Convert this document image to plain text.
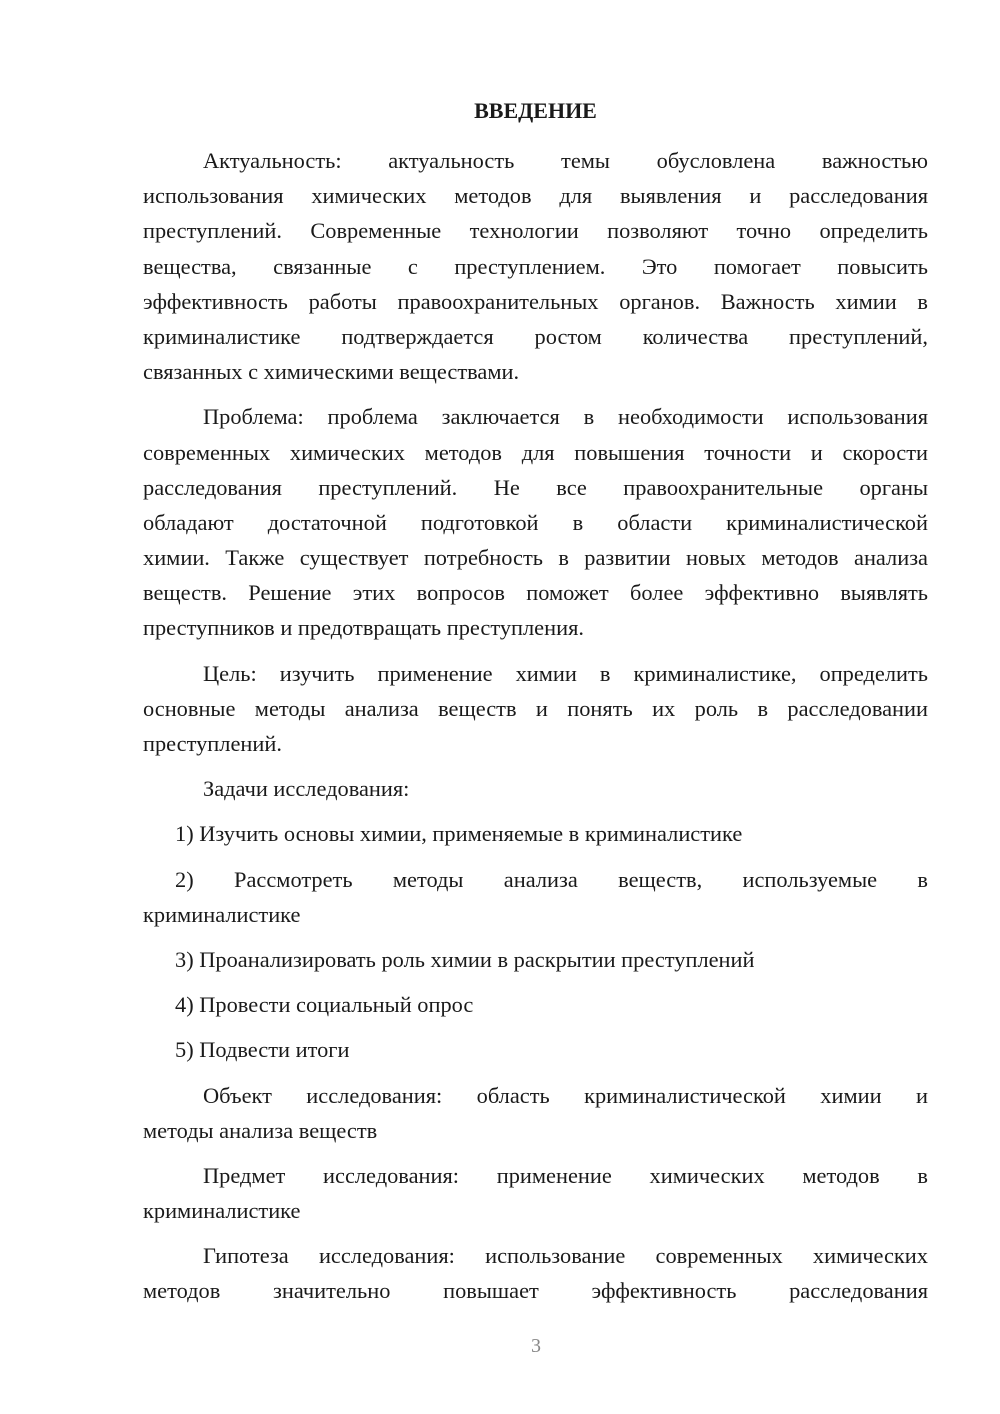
ВВЕДЕНИЕ
Актуальность: актуальность темы обусловлена важностью
использования химических методов для выявления и расследования
преступлений. Современные технологии позволяют точно определить
вещества, связанные с преступлением. Это помогает повысить
эффективность работы правоохранительных органов. Важность химии в
криминалистике подтверждается ростом количества преступлений,
связанных с химическими веществами.
Проблема: проблема заключается в необходимости использования
современных химических методов для повышения точности и скорости
расследования преступлений. Не все правоохранительные органы
обладают достаточной подготовкой в области криминалистической
химии. Также существует потребность в развитии новых методов анализа
веществ. Решение этих вопросов поможет более эффективно выявлять
преступников и предотвращать преступления.
Цель: изучить применение химии в криминалистике, определить
основные методы анализа веществ и понять их роль в расследовании
преступлений.
Задачи исследования:
1) Изучить основы химии, применяемые в криминалистике
2) Рассмотреть методы анализа веществ, используемые в
криминалистике
3) Проанализировать роль химии в раскрытии преступлений
4) Провести социальный опрос
5) Подвести итоги
Объект исследования: область криминалистической химии и
методы анализа веществ
Предмет исследования: применение химических методов в
криминалистике
Гипотеза исследования: использование современных химических
методов значительно повышает эффективность расследования
3
